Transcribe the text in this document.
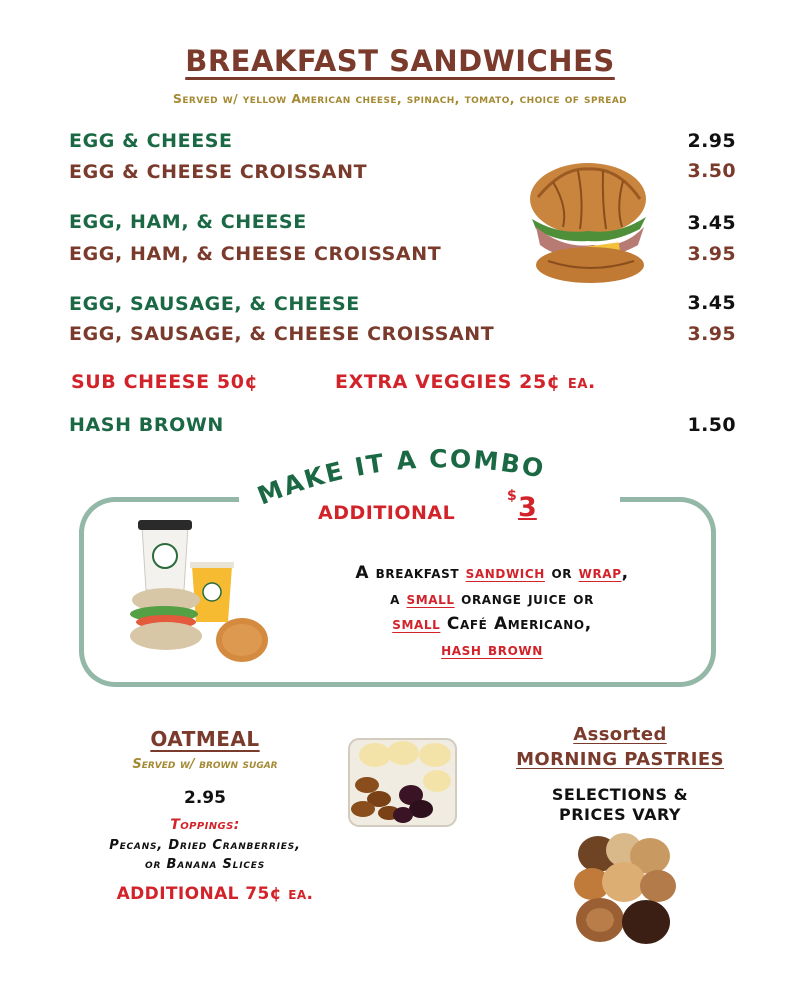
BREAKFAST SANDWICHES
Served w/ yellow American cheese, spinach, tomato, choice of spread
EGG & CHEESE	2.95
EGG & CHEESE CROISSANT	3.50
EGG, HAM, & CHEESE	3.45
EGG, HAM, & CHEESE CROISSANT	3.95
EGG, SAUSAGE, & CHEESE	3.45
EGG, SAUSAGE, & CHEESE CROISSANT	3.95
SUB CHEESE 50¢	EXTRA VEGGIES 25¢ ea.
HASH BROWN	1.50
MAKE IT A COMBO
ADDITIONAL
$ 3
A breakfast sandwich or wrap,
a small orange juice or
small Café Americano,
hash brown
OATMEAL
Served w/ brown sugar
2.95
Toppings:
Pecans, Dried Cranberries,
or Banana Slices
ADDITIONAL 75¢ ea.
Assorted
MORNING PASTRIES
SELECTIONS &
PRICES VARY
